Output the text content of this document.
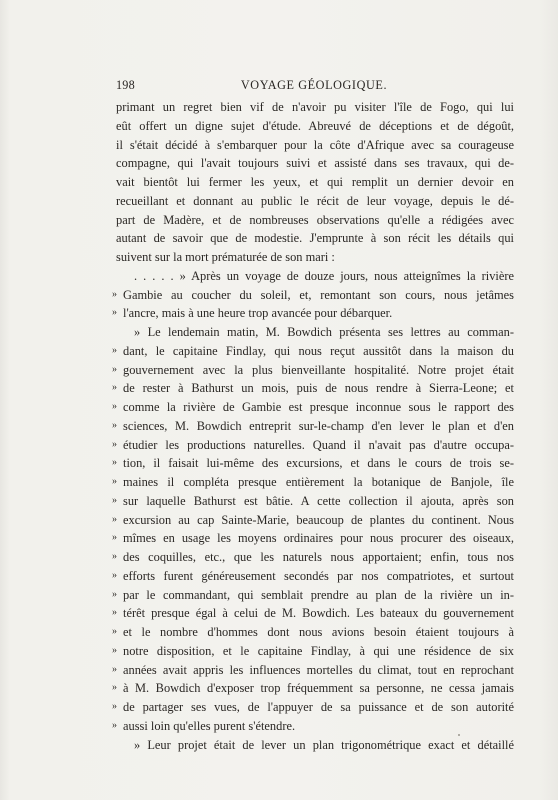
198	VOYAGE GÉOLOGIQUE.
primant un regret bien vif de n'avoir pu visiter l'île de Fogo, qui lui
eût offert un digne sujet d'étude. Abreuvé de déceptions et de dégoût,
il s'était décidé à s'embarquer pour la côte d'Afrique avec sa courageuse
compagne, qui l'avait toujours suivi et assisté dans ses travaux, qui de-
vait bientôt lui fermer les yeux, et qui remplit un dernier devoir en
recueillant et donnant au public le récit de leur voyage, depuis le dé-
part de Madère, et de nombreuses observations qu'elle a rédigées avec
autant de savoir que de modestie. J'emprunte à son récit les détails qui
suivent sur la mort prématurée de son mari :
. . . . . » Après un voyage de douze jours, nous atteignîmes la rivière
» Gambie au coucher du soleil, et, remontant son cours, nous jetâmes
» l'ancre, mais à une heure trop avancée pour débarquer.
» Le lendemain matin, M. Bowdich présenta ses lettres au comman-
» dant, le capitaine Findlay, qui nous reçut aussitôt dans la maison du
» gouvernement avec la plus bienveillante hospitalité. Notre projet était
» de rester à Bathurst un mois, puis de nous rendre à Sierra-Leone; et
» comme la rivière de Gambie est presque inconnue sous le rapport des
» sciences, M. Bowdich entreprit sur-le-champ d'en lever le plan et d'en
» étudier les productions naturelles. Quand il n'avait pas d'autre occupa-
» tion, il faisait lui-même des excursions, et dans le cours de trois se-
» maines il compléta presque entièrement la botanique de Banjole, île
» sur laquelle Bathurst est bâtie. A cette collection il ajouta, après son
» excursion au cap Sainte-Marie, beaucoup de plantes du continent. Nous
» mîmes en usage les moyens ordinaires pour nous procurer des oiseaux,
» des coquilles, etc., que les naturels nous apportaient; enfin, tous nos
» efforts furent généreusement secondés par nos compatriotes, et surtout
» par le commandant, qui semblait prendre au plan de la rivière un in-
» térêt presque égal à celui de M. Bowdich. Les bateaux du gouvernement
» et le nombre d'hommes dont nous avions besoin étaient toujours à
» notre disposition, et le capitaine Findlay, à qui une résidence de six
» années avait appris les influences mortelles du climat, tout en reprochant
» à M. Bowdich d'exposer trop fréquemment sa personne, ne cessa jamais
» de partager ses vues, de l'appuyer de sa puissance et de son autorité
» aussi loin qu'elles purent s'étendre.
» Leur projet était de lever un plan trigonométrique exact et détaillé
